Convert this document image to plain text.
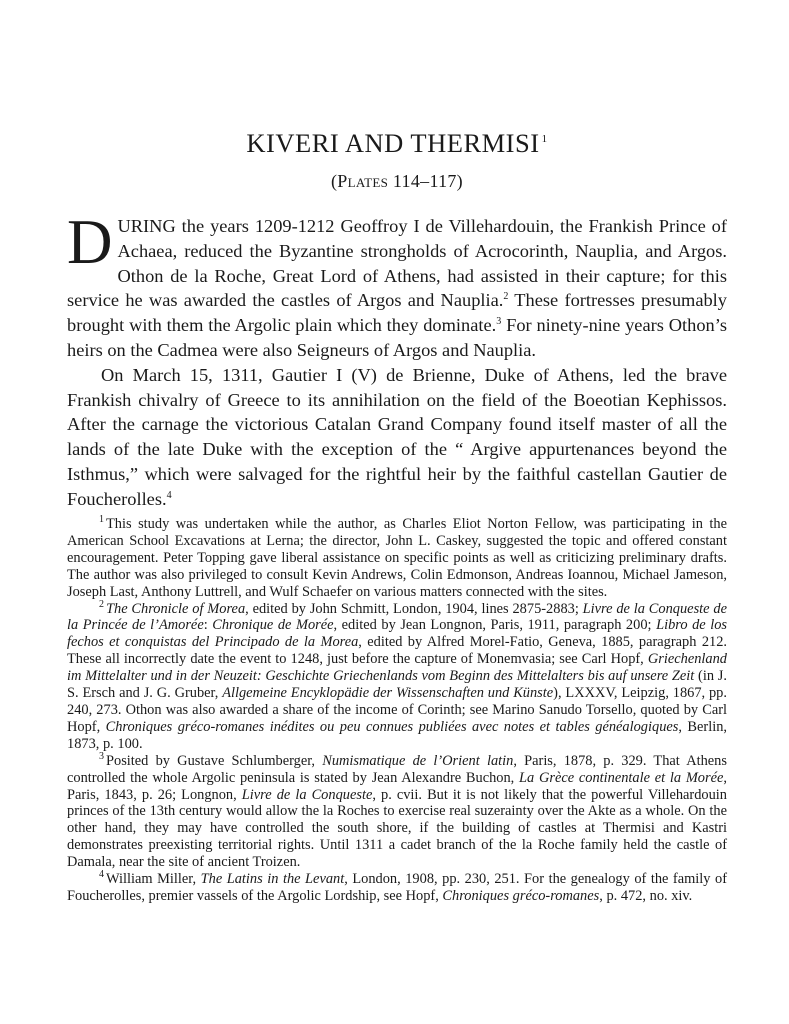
KIVERI AND THERMISI $^1$
(Plates 114–117)

DURING the years 1209-1212 Geoffroy I de Villehardouin, the Frankish Prince of Achaea, reduced the Byzantine strongholds of Acrocorinth, Nauplia, and Argos. Othon de la Roche, Great Lord of Athens, had assisted in their capture; for this service he was awarded the castles of Argos and Nauplia.$^2$ These fortresses presumably brought with them the Argolic plain which they dominate.$^3$ For ninety-nine years Othon’s heirs on the Cadmea were also Seigneurs of Argos and Nauplia.

On March 15, 1311, Gautier I (V) de Brienne, Duke of Athens, led the brave Frankish chivalry of Greece to its annihilation on the field of the Boeotian Kephissos. After the carnage the victorious Catalan Grand Company found itself master of all the lands of the late Duke with the exception of the “ Argive appurtenances beyond the Isthmus,” which were salvaged for the rightful heir by the faithful castellan Gautier de Foucherolles.$^4$

$^1$ This study was undertaken while the author, as Charles Eliot Norton Fellow, was participating in the American School Excavations at Lerna; the director, John L. Caskey, suggested the topic and offered constant encouragement. Peter Topping gave liberal assistance on specific points as well as criticizing preliminary drafts. The author was also privileged to consult Kevin Andrews, Colin Edmonson, Andreas Ioannou, Michael Jameson, Joseph Last, Anthony Luttrell, and Wulf Schaefer on various matters connected with the sites.

$^2$ The Chronicle of Morea, edited by John Schmitt, London, 1904, lines 2875-2883; Livre de la Conqueste de la Princée de l’Amorée: Chronique de Morée, edited by Jean Longnon, Paris, 1911, paragraph 200; Libro de los fechos et conquistas del Principado de la Morea, edited by Alfred Morel-Fatio, Geneva, 1885, paragraph 212. These all incorrectly date the event to 1248, just before the capture of Monemvasia; see Carl Hopf, Griechenland im Mittelalter und in der Neuzeit: Geschichte Griechenlands vom Beginn des Mittelalters bis auf unsere Zeit (in J. S. Ersch and J. G. Gruber, Allgemeine Encyklopädie der Wissenschaften und Künste), LXXXV, Leipzig, 1867, pp. 240, 273. Othon was also awarded a share of the income of Corinth; see Marino Sanudo Torsello, quoted by Carl Hopf, Chroniques gréco-romanes inédites ou peu connues publiées avec notes et tables généalogiques, Berlin, 1873, p. 100.

$^3$ Posited by Gustave Schlumberger, Numismatique de l’Orient latin, Paris, 1878, p. 329. That Athens controlled the whole Argolic peninsula is stated by Jean Alexandre Buchon, La Grèce continentale et la Morée, Paris, 1843, p. 26; Longnon, Livre de la Conqueste, p. cvii. But it is not likely that the powerful Villehardouin princes of the 13th century would allow the la Roches to exercise real suzerainty over the Akte as a whole. On the other hand, they may have controlled the south shore, if the building of castles at Thermisi and Kastri demonstrates preexisting territorial rights. Until 1311 a cadet branch of the la Roche family held the castle of Damala, near the site of ancient Troizen.

$^4$ William Miller, The Latins in the Levant, London, 1908, pp. 230, 251. For the genealogy of the family of Foucherolles, premier vassels of the Argolic Lordship, see Hopf, Chroniques gréco-romanes, p. 472, no. xiv.
